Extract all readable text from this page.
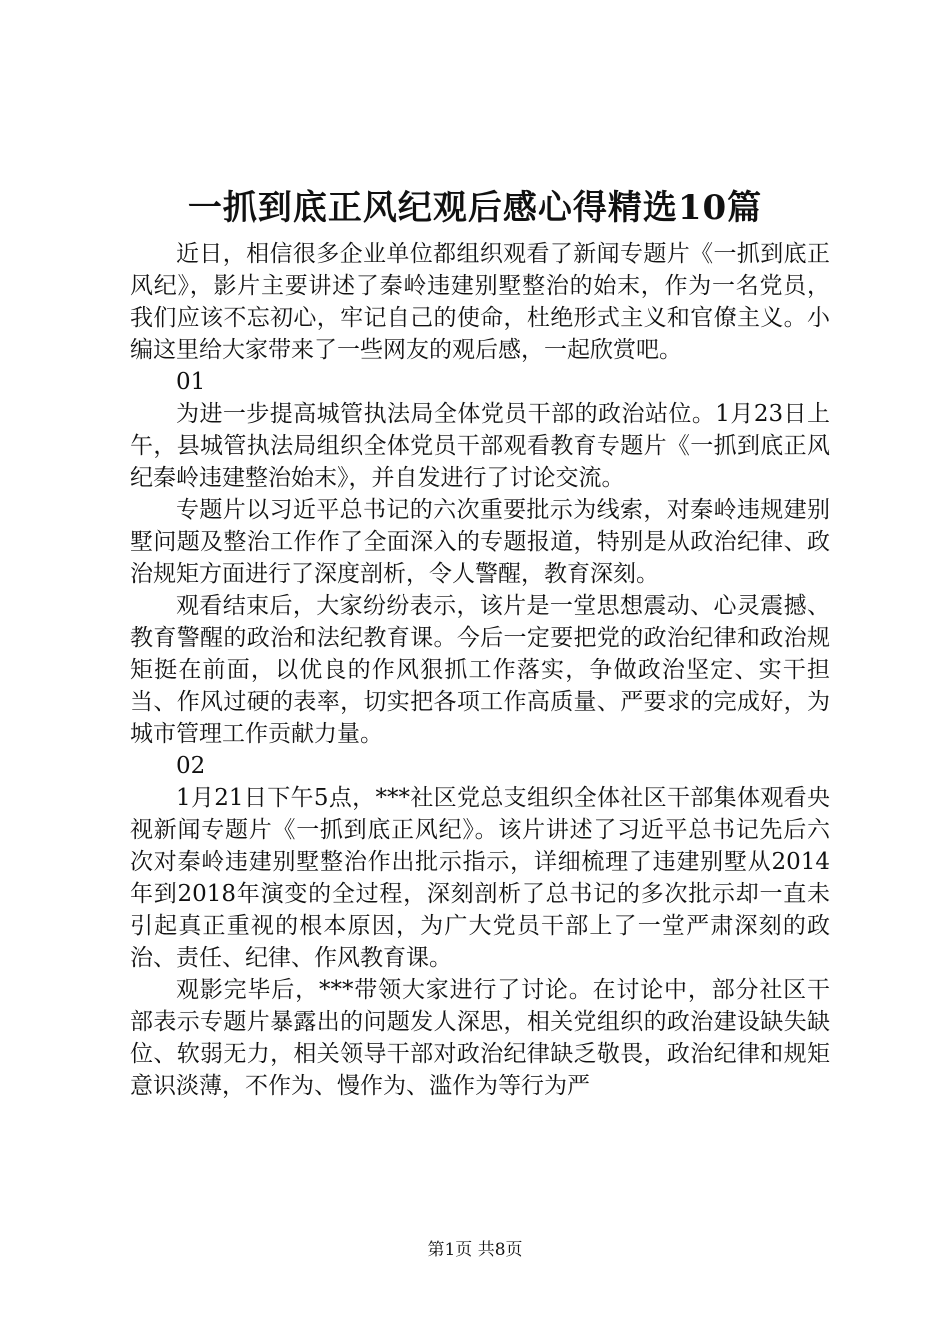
一抓到底正风纪观后感心得精选10篇

近日，相信很多企业单位都组织观看了新闻专题片《一抓到底正风纪》，影片主要讲述了秦岭违建别墅整治的始末，作为一名党员，我们应该不忘初心，牢记自己的使命，杜绝形式主义和官僚主义。小编这里给大家带来了一些网友的观后感，一起欣赏吧。

01

为进一步提高城管执法局全体党员干部的政治站位。1月23日上午，县城管执法局组织全体党员干部观看教育专题片《一抓到底正风纪秦岭违建整治始末》，并自发进行了讨论交流。

专题片以习近平总书记的六次重要批示为线索，对秦岭违规建别墅问题及整治工作作了全面深入的专题报道，特别是从政治纪律、政治规矩方面进行了深度剖析，令人警醒，教育深刻。

观看结束后，大家纷纷表示，该片是一堂思想震动、心灵震撼、教育警醒的政治和法纪教育课。今后一定要把党的政治纪律和政治规矩挺在前面，以优良的作风狠抓工作落实，争做政治坚定、实干担当、作风过硬的表率，切实把各项工作高质量、严要求的完成好，为城市管理工作贡献力量。

02

1月21日下午5点，***社区党总支组织全体社区干部集体观看央视新闻专题片《一抓到底正风纪》。该片讲述了习近平总书记先后六次对秦岭违建别墅整治作出批示指示，详细梳理了违建别墅从2014年到2018年演变的全过程，深刻剖析了总书记的多次批示却一直未引起真正重视的根本原因，为广大党员干部上了一堂严肃深刻的政治、责任、纪律、作风教育课。

观影完毕后，***带领大家进行了讨论。在讨论中，部分社区干部表示专题片暴露出的问题发人深思，相关党组织的政治建设缺失缺位、软弱无力，相关领导干部对政治纪律缺乏敬畏，政治纪律和规矩意识淡薄，不作为、慢作为、滥作为等行为严

第1页 共8页
